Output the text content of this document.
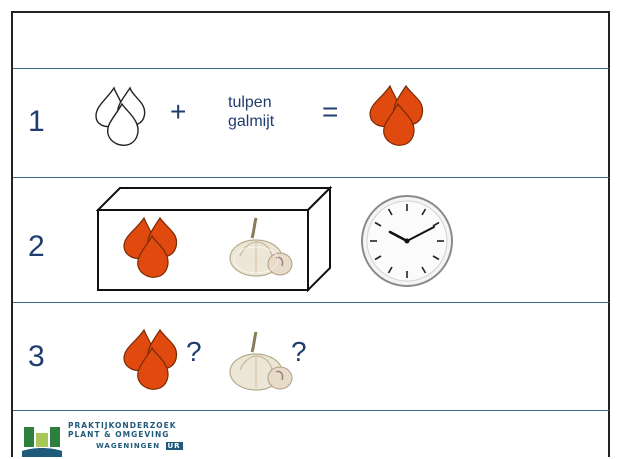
1	+	tulpen
galmijt =
2
3	?	?
PRAKTIJKONDERZOEK
PLANT & OMGEVING
WAGENINGEN UR
